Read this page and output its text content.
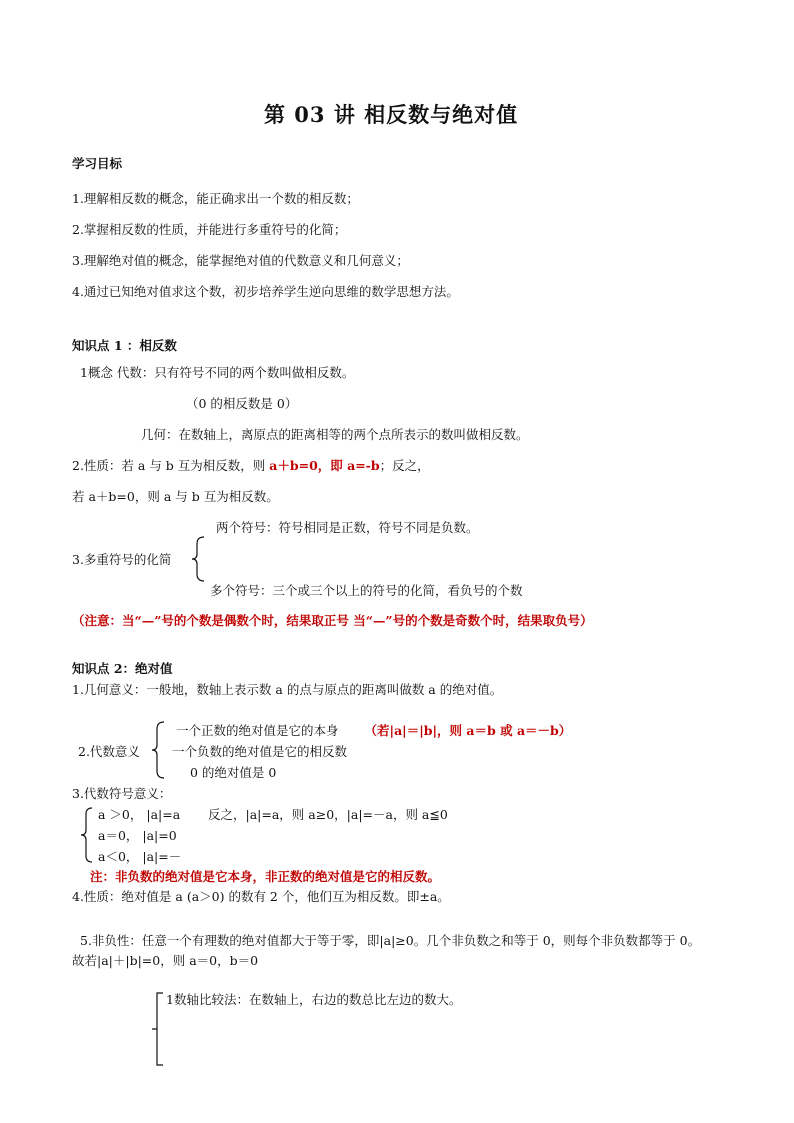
第 03 讲 相反数与绝对值
学习目标
1.理解相反数的概念，能正确求出一个数的相反数；
2.掌握相反数的性质，并能进行多重符号的化简；
3.理解绝对值的概念，能掌握绝对值的代数意义和几何意义；
4.通过已知绝对值求这个数，初步培养学生逆向思维的数学思想方法。
知识点 1 ：相反数
1概念 代数：只有符号不同的两个数叫做相反数。
（0 的相反数是 0）
几何：在数轴上，离原点的距离相等的两个点所表示的数叫做相反数。
2.性质：若 a 与 b 互为相反数，则 a＋b=0，即 a=-b；反之，
若 a＋b=0，则 a 与 b 互为相反数。
两个符号：符号相同是正数，符号不同是负数。
3.多重符号的化简
多个符号：三个或三个以上的符号的化简，看负号的个数
（注意：当“—”号的个数是偶数个时，结果取正号 当“—”号的个数是奇数个时，结果取负号）
知识点 2：绝对值
1.几何意义：一般地，数轴上表示数 a 的点与原点的距离叫做数 a 的绝对值。
一个正数的绝对值是它的本身 （若|a|＝|b|，则 a＝b 或 a＝－b）
2.代数意义	一个负数的绝对值是它的相反数
0 的绝对值是 0
3.代数符号意义：
a ＞0， |a|=a 反之，|a|=a，则 a≥0，|a|=－a，则 a≦0
a＝0， |a|=0
a＜0， |a|=－
注：非负数的绝对值是它本身，非正数的绝对值是它的相反数。
4.性质：绝对值是 a (a＞0) 的数有 2 个，他们互为相反数。即±a。
5.非负性：任意一个有理数的绝对值都大于等于零，即|a|≥0。几个非负数之和等于 0，则每个非负数都等于 0。
故若|a|＋|b|=0，则 a＝0，b＝0
1数轴比较法：在数轴上，右边的数总比左边的数大。
